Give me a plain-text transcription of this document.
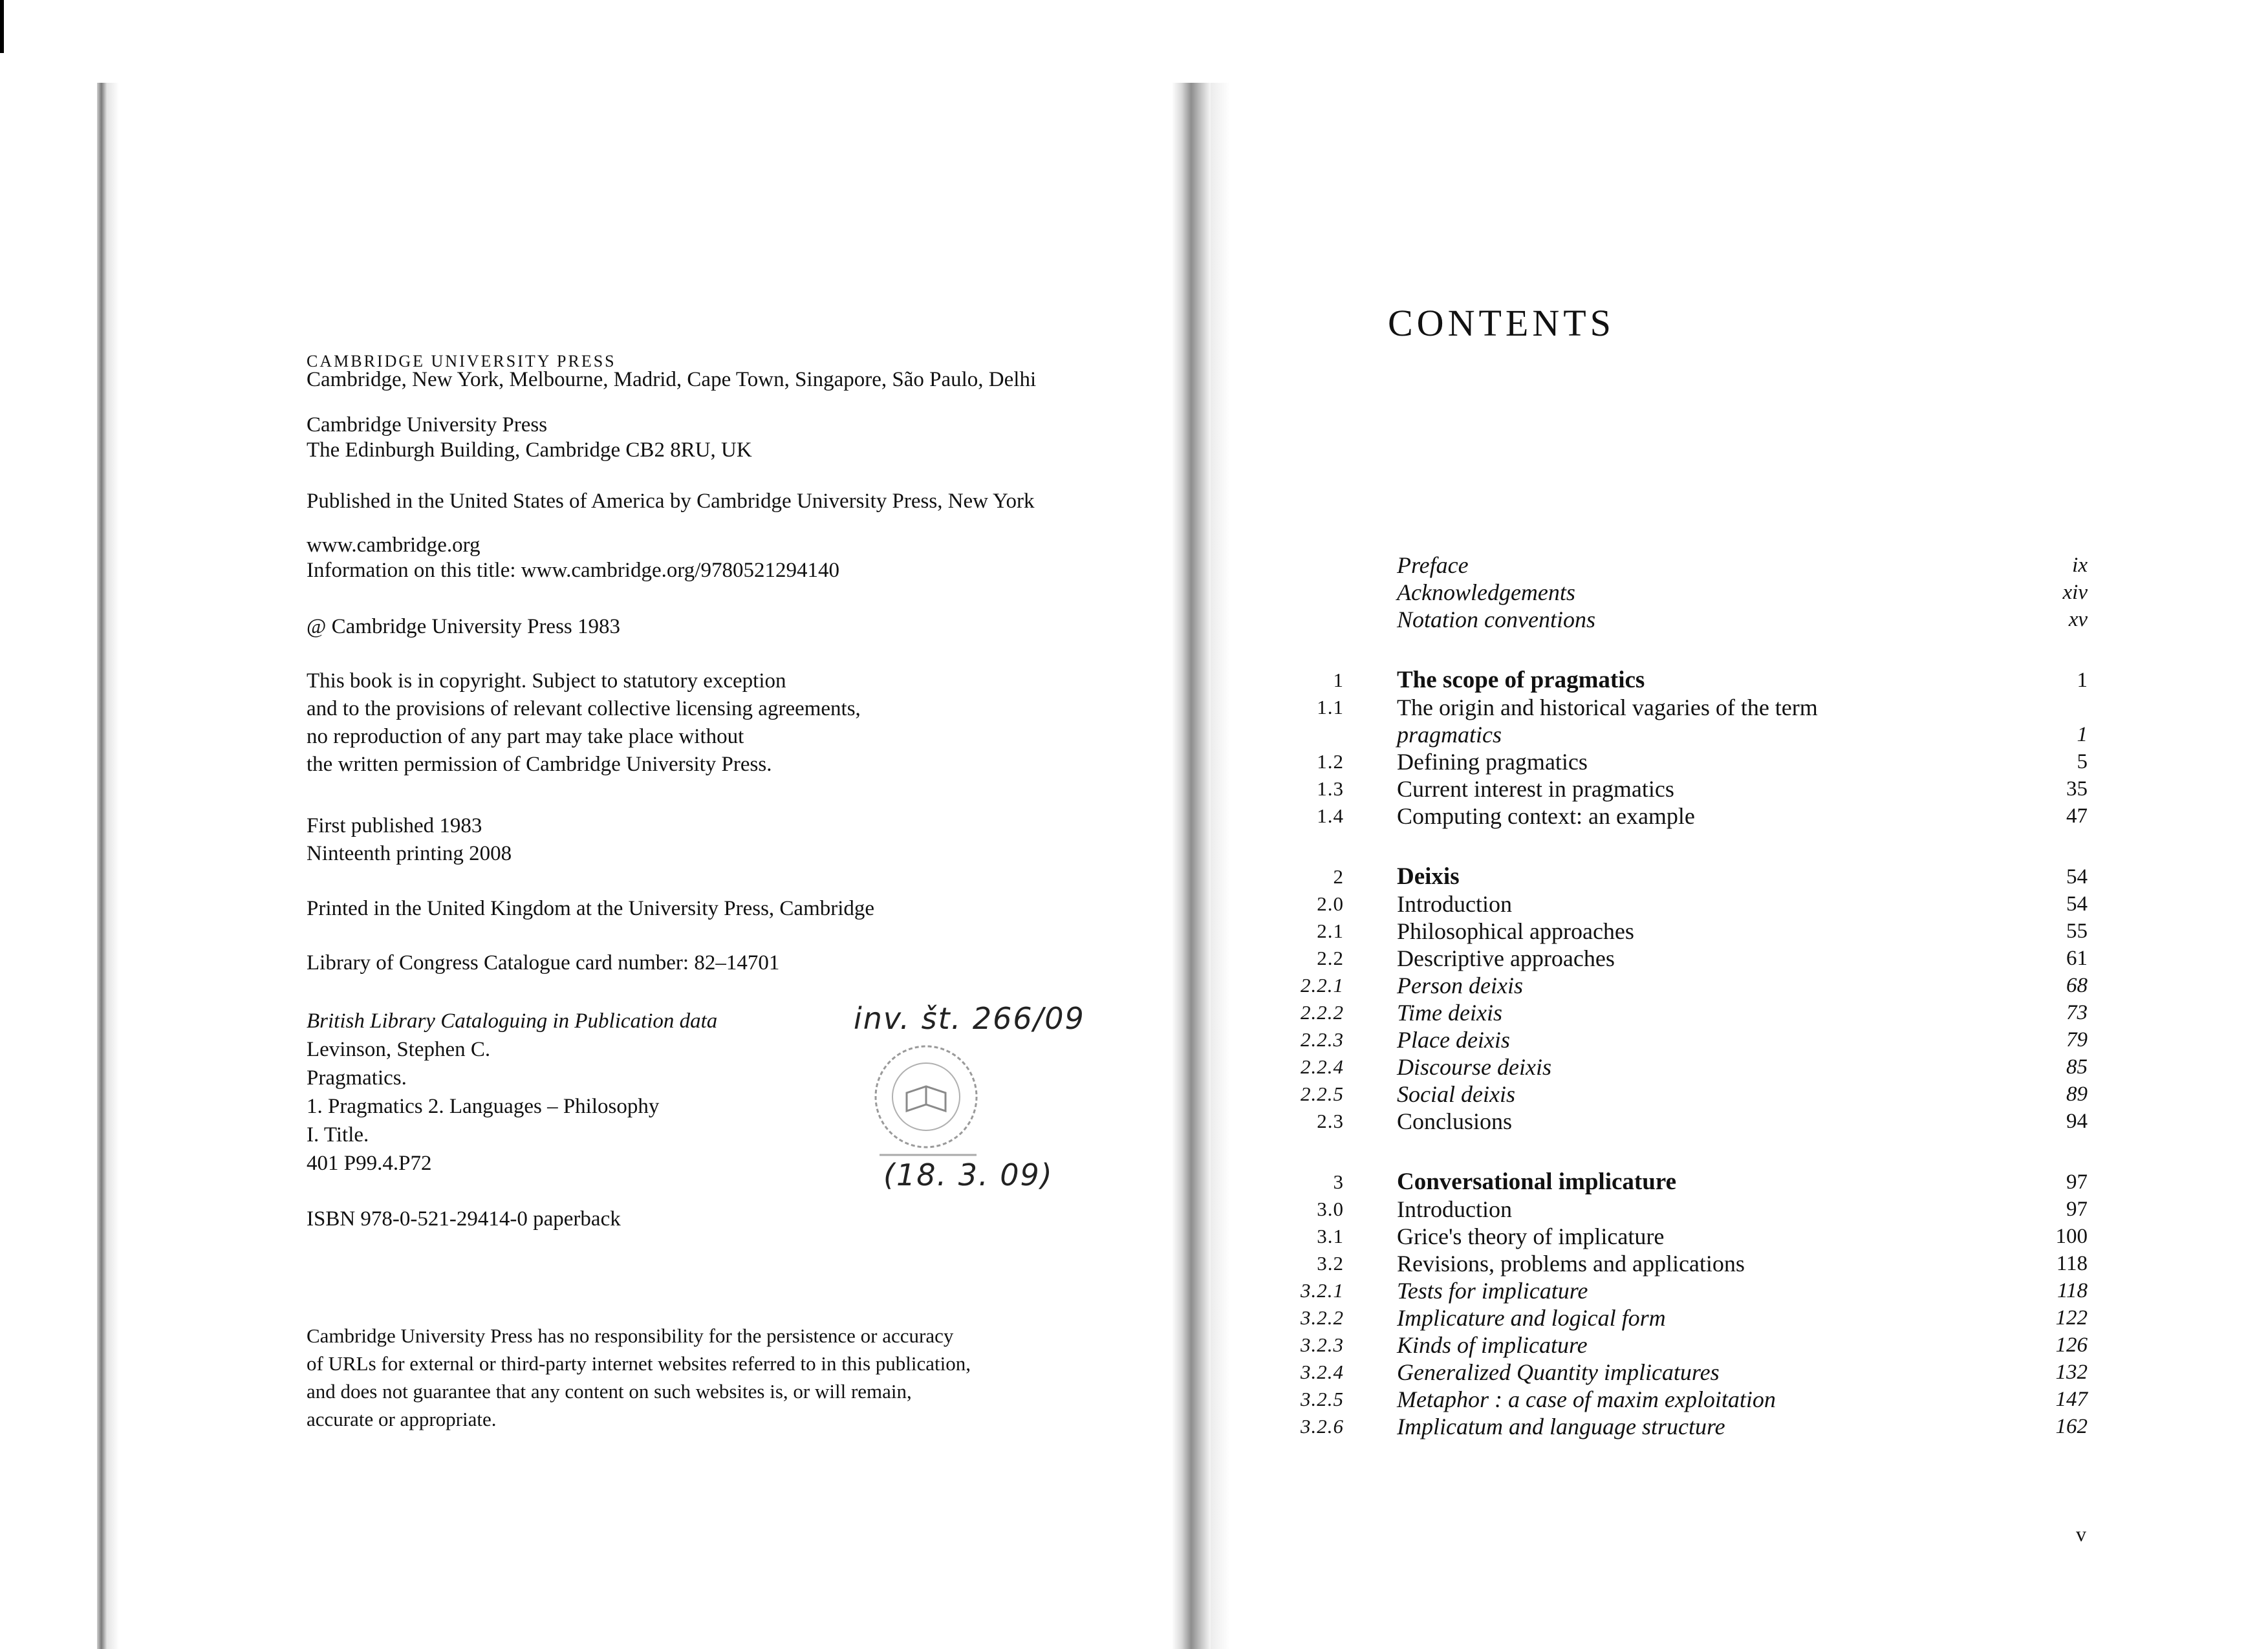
CAMBRIDGE UNIVERSITY PRESS
Cambridge, New York, Melbourne, Madrid, Cape Town, Singapore, São Paulo, Delhi
Cambridge University Press
The Edinburgh Building, Cambridge CB2 8RU, UK
Published in the United States of America by Cambridge University Press, New York
www.cambridge.org
Information on this title: www.cambridge.org/9780521294140
@ Cambridge University Press 1983
This book is in copyright. Subject to statutory exception
and to the provisions of relevant collective licensing agreements,
no reproduction of any part may take place without
the written permission of Cambridge University Press.
First published 1983
Ninteenth printing 2008
Printed in the United Kingdom at the University Press, Cambridge
Library of Congress Catalogue card number: 82–14701
British Library Cataloguing in Publication data
Levinson, Stephen C.
Pragmatics.
1. Pragmatics 2. Languages – Philosophy
I. Title.
401 P99.4.P72
ISBN 978-0-521-29414-0 paperback
Cambridge University Press has no responsibility for the persistence or accuracy
of URLs for external or third-party internet websites referred to in this publication,
and does not guarantee that any content on such websites is, or will remain,
accurate or appropriate.
inv. št. 266/09
(18. 3. 09)
CONTENTS
Preface	ix
Acknowledgements	xiv
Notation conventions	xv
1 The scope of pragmatics	1
1.1 The origin and historical vagaries of the term
pragmatics	1
1.2 Defining pragmatics	5
1.3 Current interest in pragmatics	35
1.4 Computing context: an example	47
2 Deixis	54
2.0 Introduction	54
2.1 Philosophical approaches	55
2.2 Descriptive approaches	61
2.2.1 Person deixis	68
2.2.2 Time deixis	73
2.2.3 Place deixis	79
2.2.4 Discourse deixis	85
2.2.5 Social deixis	89
2.3 Conclusions	94
3 Conversational implicature	97
3.0 Introduction	97
3.1 Grice's theory of implicature	100
3.2 Revisions, problems and applications	118
3.2.1 Tests for implicature	118
3.2.2 Implicature and logical form	122
3.2.3 Kinds of implicature	126
3.2.4 Generalized Quantity implicatures	132
3.2.5 Metaphor : a case of maxim exploitation	147
3.2.6 Implicatum and language structure	162
v
